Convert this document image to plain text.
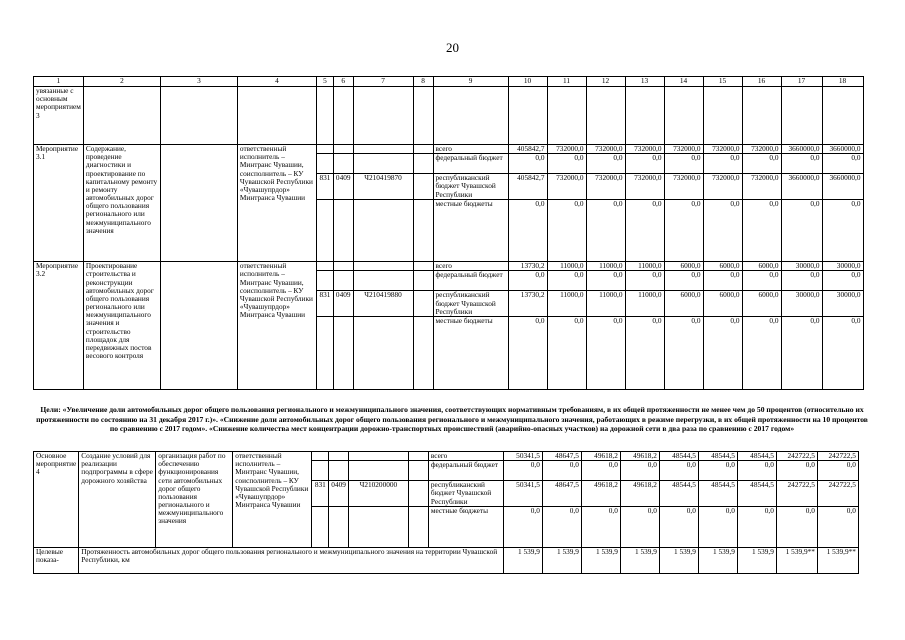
20
1	2	3	4	5	6	7	8	9	10	11	12	13	14	15	16	17	18
увязанные с основным мероприятием 3																	
Мероприятие 3.1	Содержание, проведение диагностики и проектирование по капитальному ремонту и ремонту автомобильных дорог общего пользования регионального или межмуниципального значения		ответственный исполнитель – Минтранс Чувашии, соисполнитель – КУ Чувашской Республики «Чувашупрдор» Минтранса Чувашии					всего	405842,7	732000,0	732000,0	732000,0	732000,0	732000,0	732000,0	3660000,0	3660000,0
								федеральный бюджет	0,0	0,0	0,0	0,0	0,0	0,0	0,0	0,0	0,0
				831	0409	Ч210419870		республиканский бюджет Чувашской Республики	405842,7	732000,0	732000,0	732000,0	732000,0	732000,0	732000,0	3660000,0	3660000,0
								местные бюджеты	0,0	0,0	0,0	0,0	0,0	0,0	0,0	0,0	0,0
Мероприятие 3.2	Проектирование строительства и реконструкции автомобильных дорог общего пользования регионального или межмуниципального значения и строительство площадок для передвижных постов весового контроля		ответственный исполнитель – Минтранс Чувашии, соисполнитель – КУ Чувашской Республики «Чувашупрдор» Минтранса Чувашии					всего	13730,2	11000,0	11000,0	11000,0	6000,0	6000,0	6000,0	30000,0	30000,0
								федеральный бюджет	0,0	0,0	0,0	0,0	0,0	0,0	0,0	0,0	0,0
				831	0409	Ч210419880		республиканский бюджет Чувашской Республики	13730,2	11000,0	11000,0	11000,0	6000,0	6000,0	6000,0	30000,0	30000,0
								местные бюджеты	0,0	0,0	0,0	0,0	0,0	0,0	0,0	0,0	0,0
Цели: «Увеличение доли автомобильных дорог общего пользования регионального и межмуниципального значения, соответствующих нормативным требованиям, в их общей протяженности не менее чем до 50 процентов (относительно их протяженности по состоянию на 31 декабря 2017 г.)». «Снижение доли автомобильных дорог общего пользования регионального и межмуниципального значения, работающих в режиме перегрузки, в их общей протяженности на 10 процентов по сравнению с 2017 годом». «Снижение количества мест концентрации дорожно-транспортных происшествий (аварийно-опасных участков) на дорожной сети в два раза по сравнению с 2017 годом»
Основное мероприятие 4	Создание условий для реализации подпрограммы в сфере дорожного хозяйства	организация работ по обеспечению функционирования сети автомобильных дорог общего пользования регионального и межмуниципального значения	ответственный исполнитель – Минтранс Чувашии, соисполнитель – КУ Чувашской Республики «Чувашупрдор» Минтранса Чувашии					всего	50341,5	48647,5	49618,2	49618,2	48544,5	48544,5	48544,5	242722,5	242722,5
								федеральный бюджет	0,0	0,0	0,0	0,0	0,0	0,0	0,0	0,0	0,0
				831	0409	Ч210200000		республиканский бюджет Чувашской Республики	50341,5	48647,5	49618,2	49618,2	48544,5	48544,5	48544,5	242722,5	242722,5
								местные бюджеты	0,0	0,0	0,0	0,0	0,0	0,0	0,0	0,0	0,0
Целевые показа-	Протяженность автомобильных дорог общего пользования регионального и межмуниципального значения на территории Чувашской Республики, км								1 539,9	1 539,9	1 539,9	1 539,9	1 539,9	1 539,9	1 539,9	1 539,9**	1 539,9**
